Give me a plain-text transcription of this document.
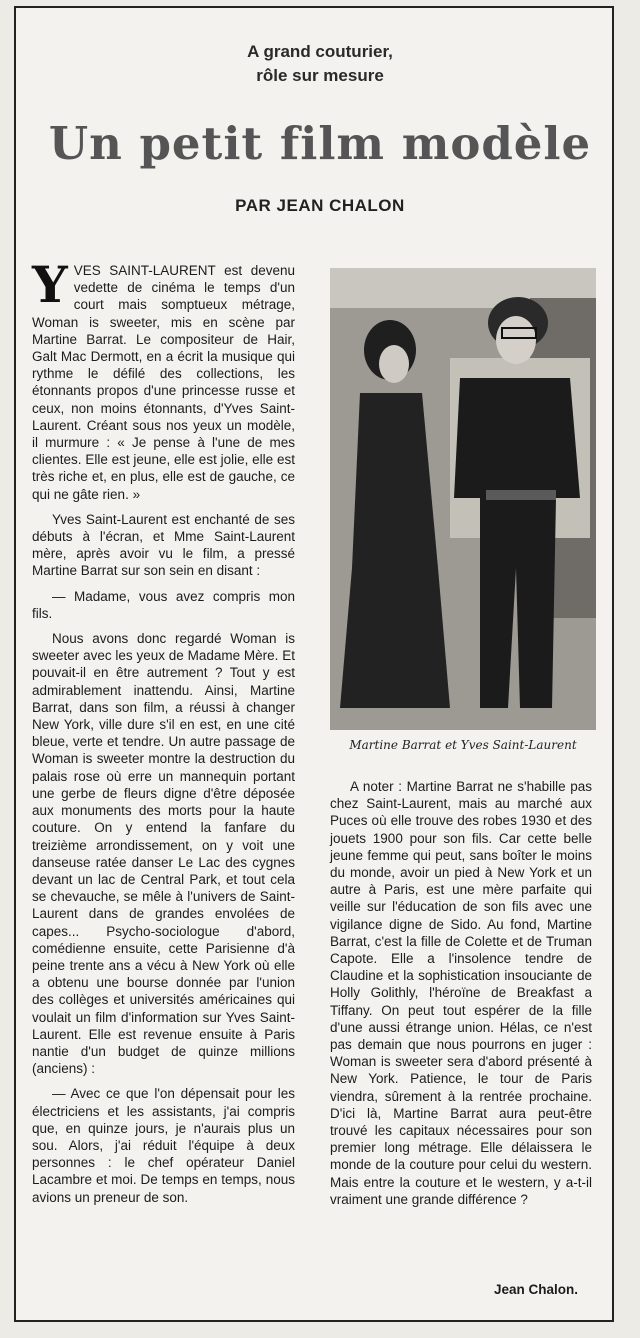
A grand couturier,
rôle sur mesure
Un petit film modèle
PAR JEAN CHALON

YVES SAINT-LAURENT est devenu vedette de cinéma le temps d'un court mais somptueux métrage, Woman is sweeter, mis en scène par Martine Barrat. Le compositeur de Hair, Galt Mac Dermott, en a écrit la musique qui rythme le défilé des collections, les étonnants propos d'une princesse russe et ceux, non moins étonnants, d'Yves Saint-Laurent. Créant sous nos yeux un modèle, il murmure : « Je pense à l'une de mes clientes. Elle est jeune, elle est jolie, elle est très riche et, en plus, elle est de gauche, ce qui ne gâte rien. »

Yves Saint-Laurent est enchanté de ses débuts à l'écran, et Mme Saint-Laurent mère, après avoir vu le film, a pressé Martine Barrat sur son sein en disant :

— Madame, vous avez compris mon fils.

Nous avons donc regardé Woman is sweeter avec les yeux de Madame Mère. Et pouvait-il en être autrement ? Tout y est admirablement inattendu. Ainsi, Martine Barrat, dans son film, a réussi à changer New York, ville dure s'il en est, en une cité bleue, verte et tendre. Un autre passage de Woman is sweeter montre la destruction du palais rose où erre un mannequin portant une gerbe de fleurs digne d'être déposée aux monuments des morts pour la haute couture. On y entend la fanfare du treizième arrondissement, on y voit une danseuse ratée danser Le Lac des cygnes devant un lac de Central Park, et tout cela se chevauche, se mêle à l'univers de Saint-Laurent dans de grandes envolées de capes... Psycho-sociologue d'abord, comédienne ensuite, cette Parisienne d'à peine trente ans a vécu à New York où elle a obtenu une bourse donnée par l'union des collèges et universités américaines qui voulait un film d'information sur Yves Saint-Laurent. Elle est revenue ensuite à Paris nantie d'un budget de quinze millions (anciens) :

— Avec ce que l'on dépensait pour les électriciens et les assistants, j'ai compris que, en quinze jours, je n'aurais plus un sou. Alors, j'ai réduit l'équipe à deux personnes : le chef opérateur Daniel Lacambre et moi. De temps en temps, nous avions un preneur de son.

Martine Barrat et Yves Saint-Laurent

A noter : Martine Barrat ne s'habille pas chez Saint-Laurent, mais au marché aux Puces où elle trouve des robes 1930 et des jouets 1900 pour son fils. Car cette belle jeune femme qui peut, sans boîter le moins du monde, avoir un pied à New York et un autre à Paris, est une mère parfaite qui veille sur l'éducation de son fils avec une vigilance digne de Sido. Au fond, Martine Barrat, c'est la fille de Colette et de Truman Capote. Elle a l'insolence tendre de Claudine et la sophistication insouciante de Holly Golithly, l'héroïne de Breakfast a Tiffany. On peut tout espérer de la fille d'une aussi étrange union. Hélas, ce n'est pas demain que nous pourrons en juger : Woman is sweeter sera d'abord présenté à New York. Patience, le tour de Paris viendra, sûrement à la rentrée prochaine. D'ici là, Martine Barrat aura peut-être trouvé les capitaux nécessaires pour son premier long métrage. Elle délaissera le monde de la couture pour celui du western. Mais entre la couture et le western, y a-t-il vraiment une grande différence ?

Jean Chalon.
